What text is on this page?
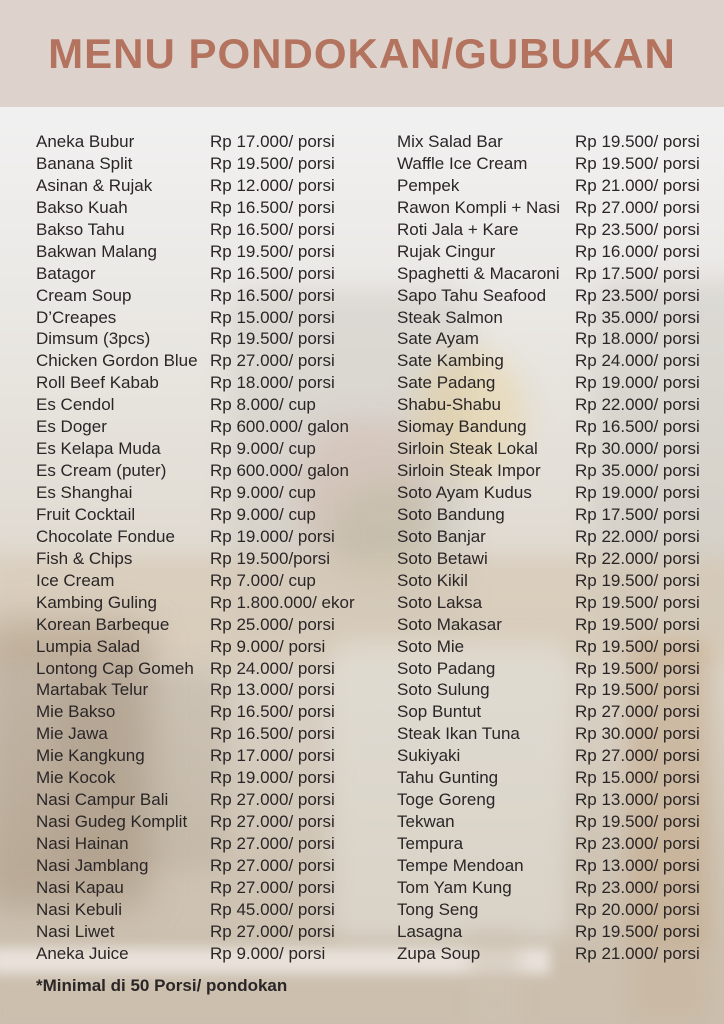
MENU PONDOKAN/GUBUKAN
Aneka Bubur	Rp 17.000/ porsi
Banana Split	Rp 19.500/ porsi
Asinan & Rujak	Rp 12.000/ porsi
Bakso Kuah	Rp 16.500/ porsi
Bakso Tahu	Rp 16.500/ porsi
Bakwan Malang	Rp 19.500/ porsi
Batagor	Rp 16.500/ porsi
Cream Soup	Rp 16.500/ porsi
D’Creapes	Rp 15.000/ porsi
Dimsum (3pcs)	Rp 19.500/ porsi
Chicken Gordon Blue Rp 27.000/ porsi
Roll Beef Kabab	Rp 18.000/ porsi
Es Cendol	Rp 8.000/ cup
Es Doger	Rp 600.000/ galon
Es Kelapa Muda	Rp 9.000/ cup
Es Cream (puter)	Rp 600.000/ galon
Es Shanghai	Rp 9.000/ cup
Fruit Cocktail	Rp 9.000/ cup
Chocolate Fondue	Rp 19.000/ porsi
Fish & Chips	Rp 19.500/porsi
Ice Cream	Rp 7.000/ cup
Kambing Guling	Rp 1.800.000/ ekor
Korean Barbeque	Rp 25.000/ porsi
Lumpia Salad	Rp 9.000/ porsi
Lontong Cap Gomeh Rp 24.000/ porsi
Martabak Telur	Rp 13.000/ porsi
Mie Bakso	Rp 16.500/ porsi
Mie Jawa	Rp 16.500/ porsi
Mie Kangkung	Rp 17.000/ porsi
Mie Kocok	Rp 19.000/ porsi
Nasi Campur Bali	Rp 27.000/ porsi
Nasi Gudeg Komplit	Rp 27.000/ porsi
Nasi Hainan	Rp 27.000/ porsi
Nasi Jamblang	Rp 27.000/ porsi
Nasi Kapau	Rp 27.000/ porsi
Nasi Kebuli	Rp 45.000/ porsi
Nasi Liwet	Rp 27.000/ porsi
Aneka Juice	Rp 9.000/ porsi
Mix Salad Bar	Rp 19.500/ porsi
Waffle Ice Cream	Rp 19.500/ porsi
Pempek	Rp 21.000/ porsi
Rawon Kompli + Nasi Rp 27.000/ porsi
Roti Jala + Kare	Rp 23.500/ porsi
Rujak Cingur	Rp 16.000/ porsi
Spaghetti & Macaroni Rp 17.500/ porsi
Sapo Tahu Seafood	Rp 23.500/ porsi
Steak Salmon	Rp 35.000/ porsi
Sate Ayam	Rp 18.000/ porsi
Sate Kambing	Rp 24.000/ porsi
Sate Padang	Rp 19.000/ porsi
Shabu-Shabu	Rp 22.000/ porsi
Siomay Bandung	Rp 16.500/ porsi
Sirloin Steak Lokal	Rp 30.000/ porsi
Sirloin Steak Impor	Rp 35.000/ porsi
Soto Ayam Kudus	Rp 19.000/ porsi
Soto Bandung	Rp 17.500/ porsi
Soto Banjar	Rp 22.000/ porsi
Soto Betawi	Rp 22.000/ porsi
Soto Kikil	Rp 19.500/ porsi
Soto Laksa	Rp 19.500/ porsi
Soto Makasar	Rp 19.500/ porsi
Soto Mie	Rp 19.500/ porsi
Soto Padang	Rp 19.500/ porsi
Soto Sulung	Rp 19.500/ porsi
Sop Buntut	Rp 27.000/ porsi
Steak Ikan Tuna	Rp 30.000/ porsi
Sukiyaki	Rp 27.000/ porsi
Tahu Gunting	Rp 15.000/ porsi
Toge Goreng	Rp 13.000/ porsi
Tekwan	Rp 19.500/ porsi
Tempura	Rp 23.000/ porsi
Tempe Mendoan	Rp 13.000/ porsi
Tom Yam Kung	Rp 23.000/ porsi
Tong Seng	Rp 20.000/ porsi
Lasagna	Rp 19.500/ porsi
Zupa Soup	Rp 21.000/ porsi

*Minimal di 50 Porsi/ pondokan
